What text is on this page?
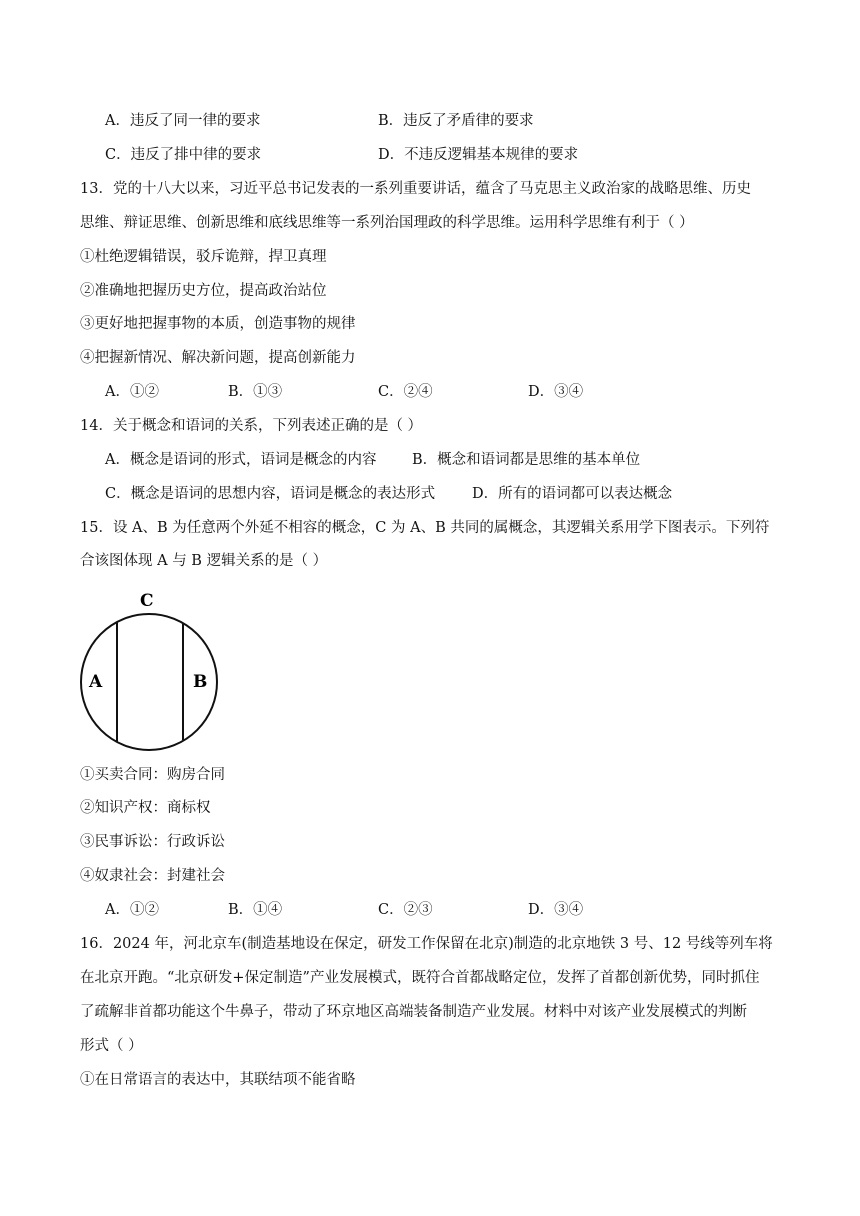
A．违反了同一律的要求	B．违反了矛盾律的要求
C．违反了排中律的要求	D．不违反逻辑基本规律的要求
13．党的十八大以来，习近平总书记发表的一系列重要讲话，蕴含了马克思主义政治家的战略思维、历史
思维、辩证思维、创新思维和底线思维等一系列治国理政的科学思维。运用科学思维有利于（ ）
①杜绝逻辑错误，驳斥诡辩，捍卫真理
②准确地把握历史方位，提高政治站位
③更好地把握事物的本质，创造事物的规律
④把握新情况、解决新问题，提高创新能力
A．①②	B．①③	C．②④	D．③④
14．关于概念和语词的关系，下列表述正确的是（ ）
A．概念是语词的形式，语词是概念的内容 B．概念和语词都是思维的基本单位
C．概念是语词的思想内容，语词是概念的表达形式	D．所有的语词都可以表达概念
15．设 A、B 为任意两个外延不相容的概念，C 为 A、B 共同的属概念，其逻辑关系用学下图表示。下列符
合该图体现 A 与 B 逻辑关系的是（ ）
C
A	B
①买卖合同：购房合同
②知识产权：商标权
③民事诉讼：行政诉讼
④奴隶社会：封建社会
A．①②	B．①④	C．②③	D．③④
16．2024 年，河北京车(制造基地设在保定，研发工作保留在北京)制造的北京地铁 3 号、12 号线等列车将
在北京开跑。“北京研发+保定制造”产业发展模式，既符合首都战略定位，发挥了首都创新优势，同时抓住
了疏解非首都功能这个牛鼻子，带动了环京地区高端装备制造产业发展。材料中对该产业发展模式的判断
形式（ ）
①在日常语言的表达中，其联结项不能省略
